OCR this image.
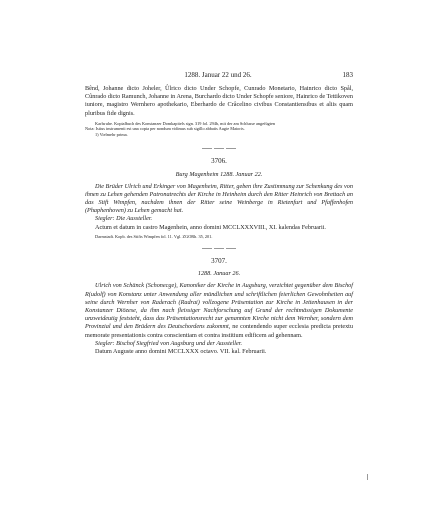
1288. Januar 22 und 26.	183

Bênd, Johanne dicto Joheler, Ûlrico dicto Under Schopfe, Cunrado Monetario, Hainrico dicto Spål, Cûnrado dicto Ramunch, Johanne in Arena, Burchardo dicto Under Schopfe seniore, Hainrico de Tettikoven iuniore, magistro Wernhero apothekario, Eberhardo de Crâcelino civibus Constantiensibus et aliis quam pluribus fide dignis.

Karlsruhe. Kopialbuch des Konstanzer Domkapitels sign. 319 fol. 294b, mit der am Schlusse angefügten

Nota: Istius instrumenti est una copia per nondum vidimus sub sigillo abbatis Augie Maioris.

1) Vielmehr prima.

3706.

Burg Magenheim 1288. Januar 22.

Die Brüder Ulrich und Erkinger von Magenheim, Ritter, geben ihre Zustimmung zur Schenkung des von ihnen zu Lehen gehenden Patronatrechts der Kirche in Heinheim durch den Ritter Heinrich von Brettach an das Stift Wimpfen, nachdem ihnen der Ritter seine Weinberge in Rietenfurt und Pfaffenhofen (Phaphenhoven) zu Lehen gemacht hat.

Siegler: Die Aussteller.

Actum et datum in castro Magenhein, anno domini MCCLXXXVIII., XI. kalendas Februarii.

Darmstadt. Kopb. des Stifts Wimpfen fol. 11. Vgl. ZGORh. 35, 201.

3707.

1288. Januar 26.

Ulrich von Schänck (Schonecge), Kanoniker der Kirche in Augsburg, verzichtet gegenüber dem Bischof R(udolf) von Konstanz unter Anwendung aller mündlichen und schriftlichen feierlichen Gewohnheiten auf seine durch Wernher von Raderach (Radrai) vollzogene Präsentation zur Kirche in Jettenhausen in der Konstanzer Diözese, da ihm nach fleissiger Nachforschung auf Grund der rechtmässigen Dokumente unzweideutig feststeht, dass das Präsentationsrecht zur genannten Kirche nicht dem Wernher, sondern dem Provinzial und den Brüdern des Deutschordens zukommt, ne contendendo super ecclesia predicta pretextu memorate presentationis contra conscientiam et contra institium edificem ad gehennam.

Siegler: Bischof Siegfried von Augsburg und der Aussteller.

Datum Auguste anno domini MCCLXXX octavo. VII. kal. Februarii.
